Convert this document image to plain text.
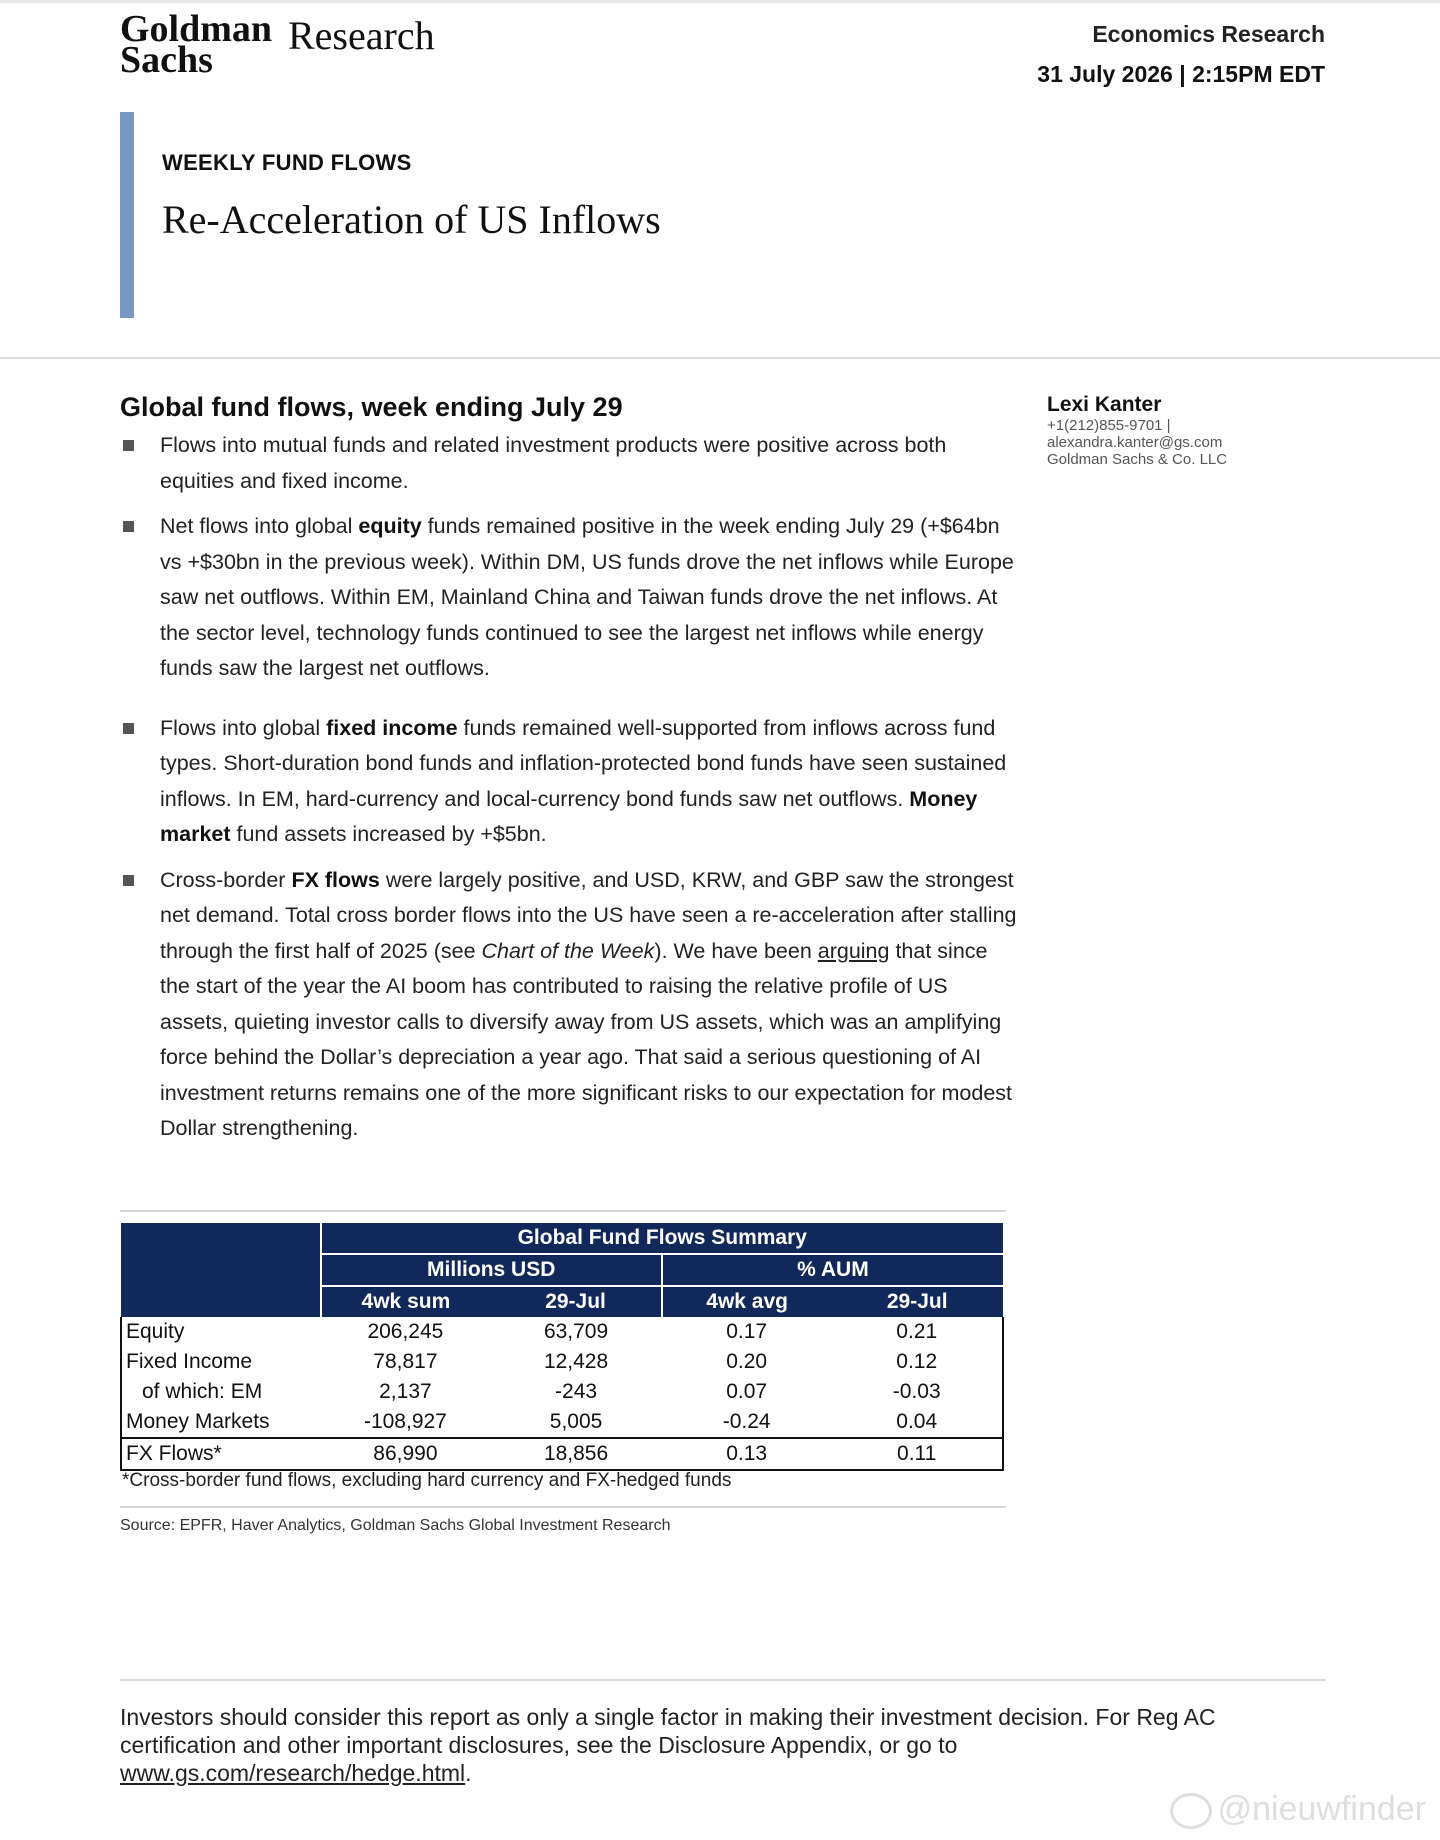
Goldman
Sachs
Research	Economics Research
31 July 2026 | 2:15PM EDT
WEEKLY FUND FLOWS
Re-Acceleration of US Inflows
Lexi Kanter
+1(212)855-9701 |
alexandra.kanter@gs.com
Goldman Sachs & Co. LLC
Global fund flows, week ending July 29
Flows into mutual funds and related investment products were positive across both equities and fixed income.
Net flows into global equity funds remained positive in the week ending July 29 (+$64bn vs +$30bn in the previous week). Within DM, US funds drove the net inflows while Europe saw net outflows. Within EM, Mainland China and Taiwan funds drove the net inflows. At the sector level, technology funds continued to see the largest net inflows while energy funds saw the largest net outflows.
Flows into global fixed income funds remained well-supported from inflows across fund types. Short-duration bond funds and inflation-protected bond funds have seen sustained inflows. In EM, hard-currency and local-currency bond funds saw net outflows. Money market fund assets increased by +$5bn.
Cross-border FX flows were largely positive, and USD, KRW, and GBP saw the strongest net demand. Total cross border flows into the US have seen a re-acceleration after stalling through the first half of 2025 (see Chart of the Week). We have been arguing that since the start of the year the AI boom has contributed to raising the relative profile of US assets, quieting investor calls to diversify away from US assets, which was an amplifying force behind the Dollar’s depreciation a year ago. That said a serious questioning of AI investment returns remains one of the more significant risks to our expectation for modest Dollar strengthening.
	Global Fund Flows Summary			
	Millions USD		% AUM	
	4wk sum	29-Jul	4wk avg	29-Jul
Equity	206,245	63,709	0.17	0.21
Fixed Income	78,817	12,428	0.20	0.12
of which: EM	2,137	-243	0.07	-0.03
Money Markets	-108,927	5,005	-0.24	0.04
FX Flows*	86,990	18,856	0.13	0.11
*Cross-border fund flows, excluding hard currency and FX-hedged funds
Source: EPFR, Haver Analytics, Goldman Sachs Global Investment Research
Investors should consider this report as only a single factor in making their investment decision. For Reg AC certification and other important disclosures, see the Disclosure Appendix, or go to www.gs.com/research/hedge.html.
@nieuwfinder
